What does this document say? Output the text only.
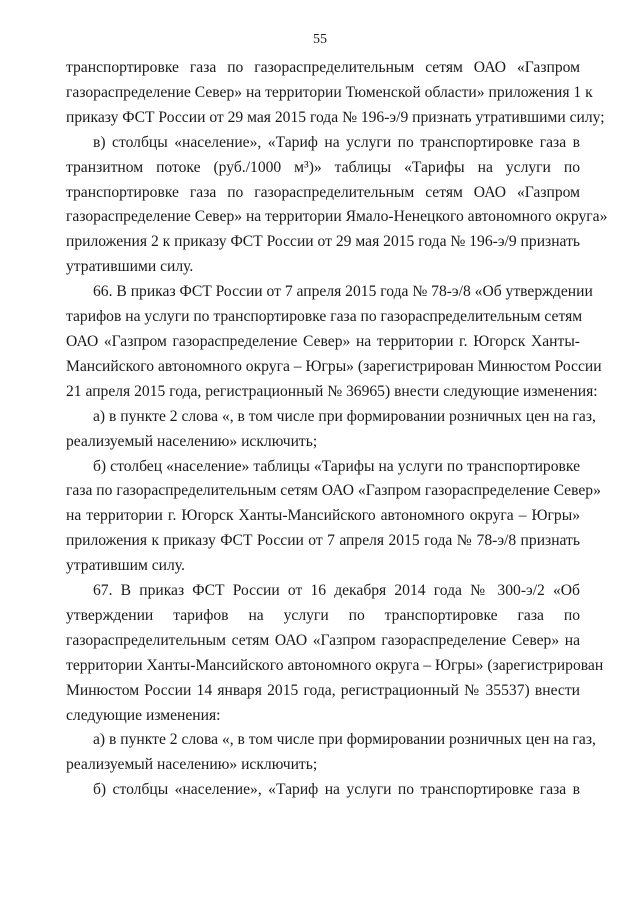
55
транспортировке газа по газораспределительным сетям ОАО «Газпром
газораспределение Север» на территории Тюменской области» приложения 1 к
приказу ФСТ России от 29 мая 2015 года № 196-э/9 признать утратившими силу;
в) столбцы «население», «Тариф на услуги по транспортировке газа в
транзитном потоке (руб./1000 м³)» таблицы «Тарифы на услуги по
транспортировке газа по газораспределительным сетям ОАО «Газпром
газораспределение Север» на территории Ямало-Ненецкого автономного округа»
приложения 2 к приказу ФСТ России от 29 мая 2015 года № 196-э/9 признать
утратившими силу.
66. В приказ ФСТ России от 7 апреля 2015 года № 78-э/8 «Об утверждении
тарифов на услуги по транспортировке газа по газораспределительным сетям
ОАО «Газпром газораспределение Север» на территории г. Югорск Ханты-
Мансийского автономного округа – Югры» (зарегистрирован Минюстом России
21 апреля 2015 года, регистрационный № 36965) внести следующие изменения:
а) в пункте 2 слова «, в том числе при формировании розничных цен на газ,
реализуемый населению» исключить;
б) столбец «население» таблицы «Тарифы на услуги по транспортировке
газа по газораспределительным сетям ОАО «Газпром газораспределение Север»
на территории г. Югорск Ханты-Мансийского автономного округа – Югры»
приложения к приказу ФСТ России от 7 апреля 2015 года № 78-э/8 признать
утратившим силу.
67. В приказ ФСТ России от 16 декабря 2014 года № 300-э/2 «Об
утверждении тарифов на услуги по транспортировке газа по
газораспределительным сетям ОАО «Газпром газораспределение Север» на
территории Ханты-Мансийского автономного округа – Югры» (зарегистрирован
Минюстом России 14 января 2015 года, регистрационный № 35537) внести
следующие изменения:
а) в пункте 2 слова «, в том числе при формировании розничных цен на газ,
реализуемый населению» исключить;
б) столбцы «население», «Тариф на услуги по транспортировке газа в
